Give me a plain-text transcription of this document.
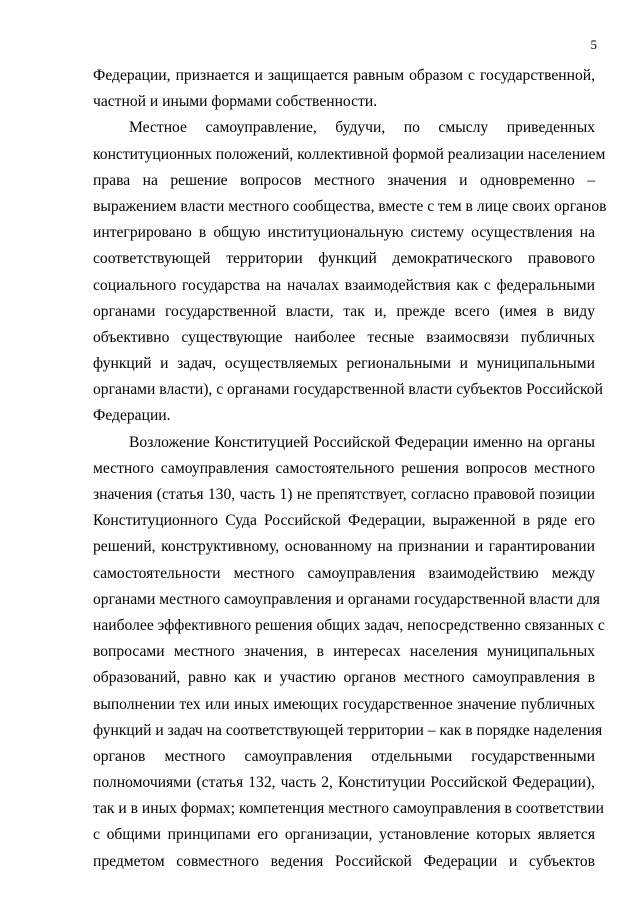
5
Федерации, признается и защищается равным образом с государственной,
частной и иными формами собственности.
Местное самоуправление, будучи, по смыслу приведенных
конституционных положений, коллективной формой реализации населением
права на решение вопросов местного значения и одновременно –
выражением власти местного сообщества, вместе с тем в лице своих органов
интегрировано в общую институциональную систему осуществления на
соответствующей территории функций демократического правового
социального государства на началах взаимодействия как с федеральными
органами государственной власти, так и, прежде всего (имея в виду
объективно существующие наиболее тесные взаимосвязи публичных
функций и задач, осуществляемых региональными и муниципальными
органами власти), с органами государственной власти субъектов Российской
Федерации.
Возложение Конституцией Российской Федерации именно на органы
местного самоуправления самостоятельного решения вопросов местного
значения (статья 130, часть 1) не препятствует, согласно правовой позиции
Конституционного Суда Российской Федерации, выраженной в ряде его
решений, конструктивному, основанному на признании и гарантировании
самостоятельности местного самоуправления взаимодействию между
органами местного самоуправления и органами государственной власти для
наиболее эффективного решения общих задач, непосредственно связанных с
вопросами местного значения, в интересах населения муниципальных
образований, равно как и участию органов местного самоуправления в
выполнении тех или иных имеющих государственное значение публичных
функций и задач на соответствующей территории – как в порядке наделения
органов местного самоуправления отдельными государственными
полномочиями (статья 132, часть 2, Конституции Российской Федерации),
так и в иных формах; компетенция местного самоуправления в соответствии
с общими принципами его организации, установление которых является
предметом совместного ведения Российской Федерации и субъектов
